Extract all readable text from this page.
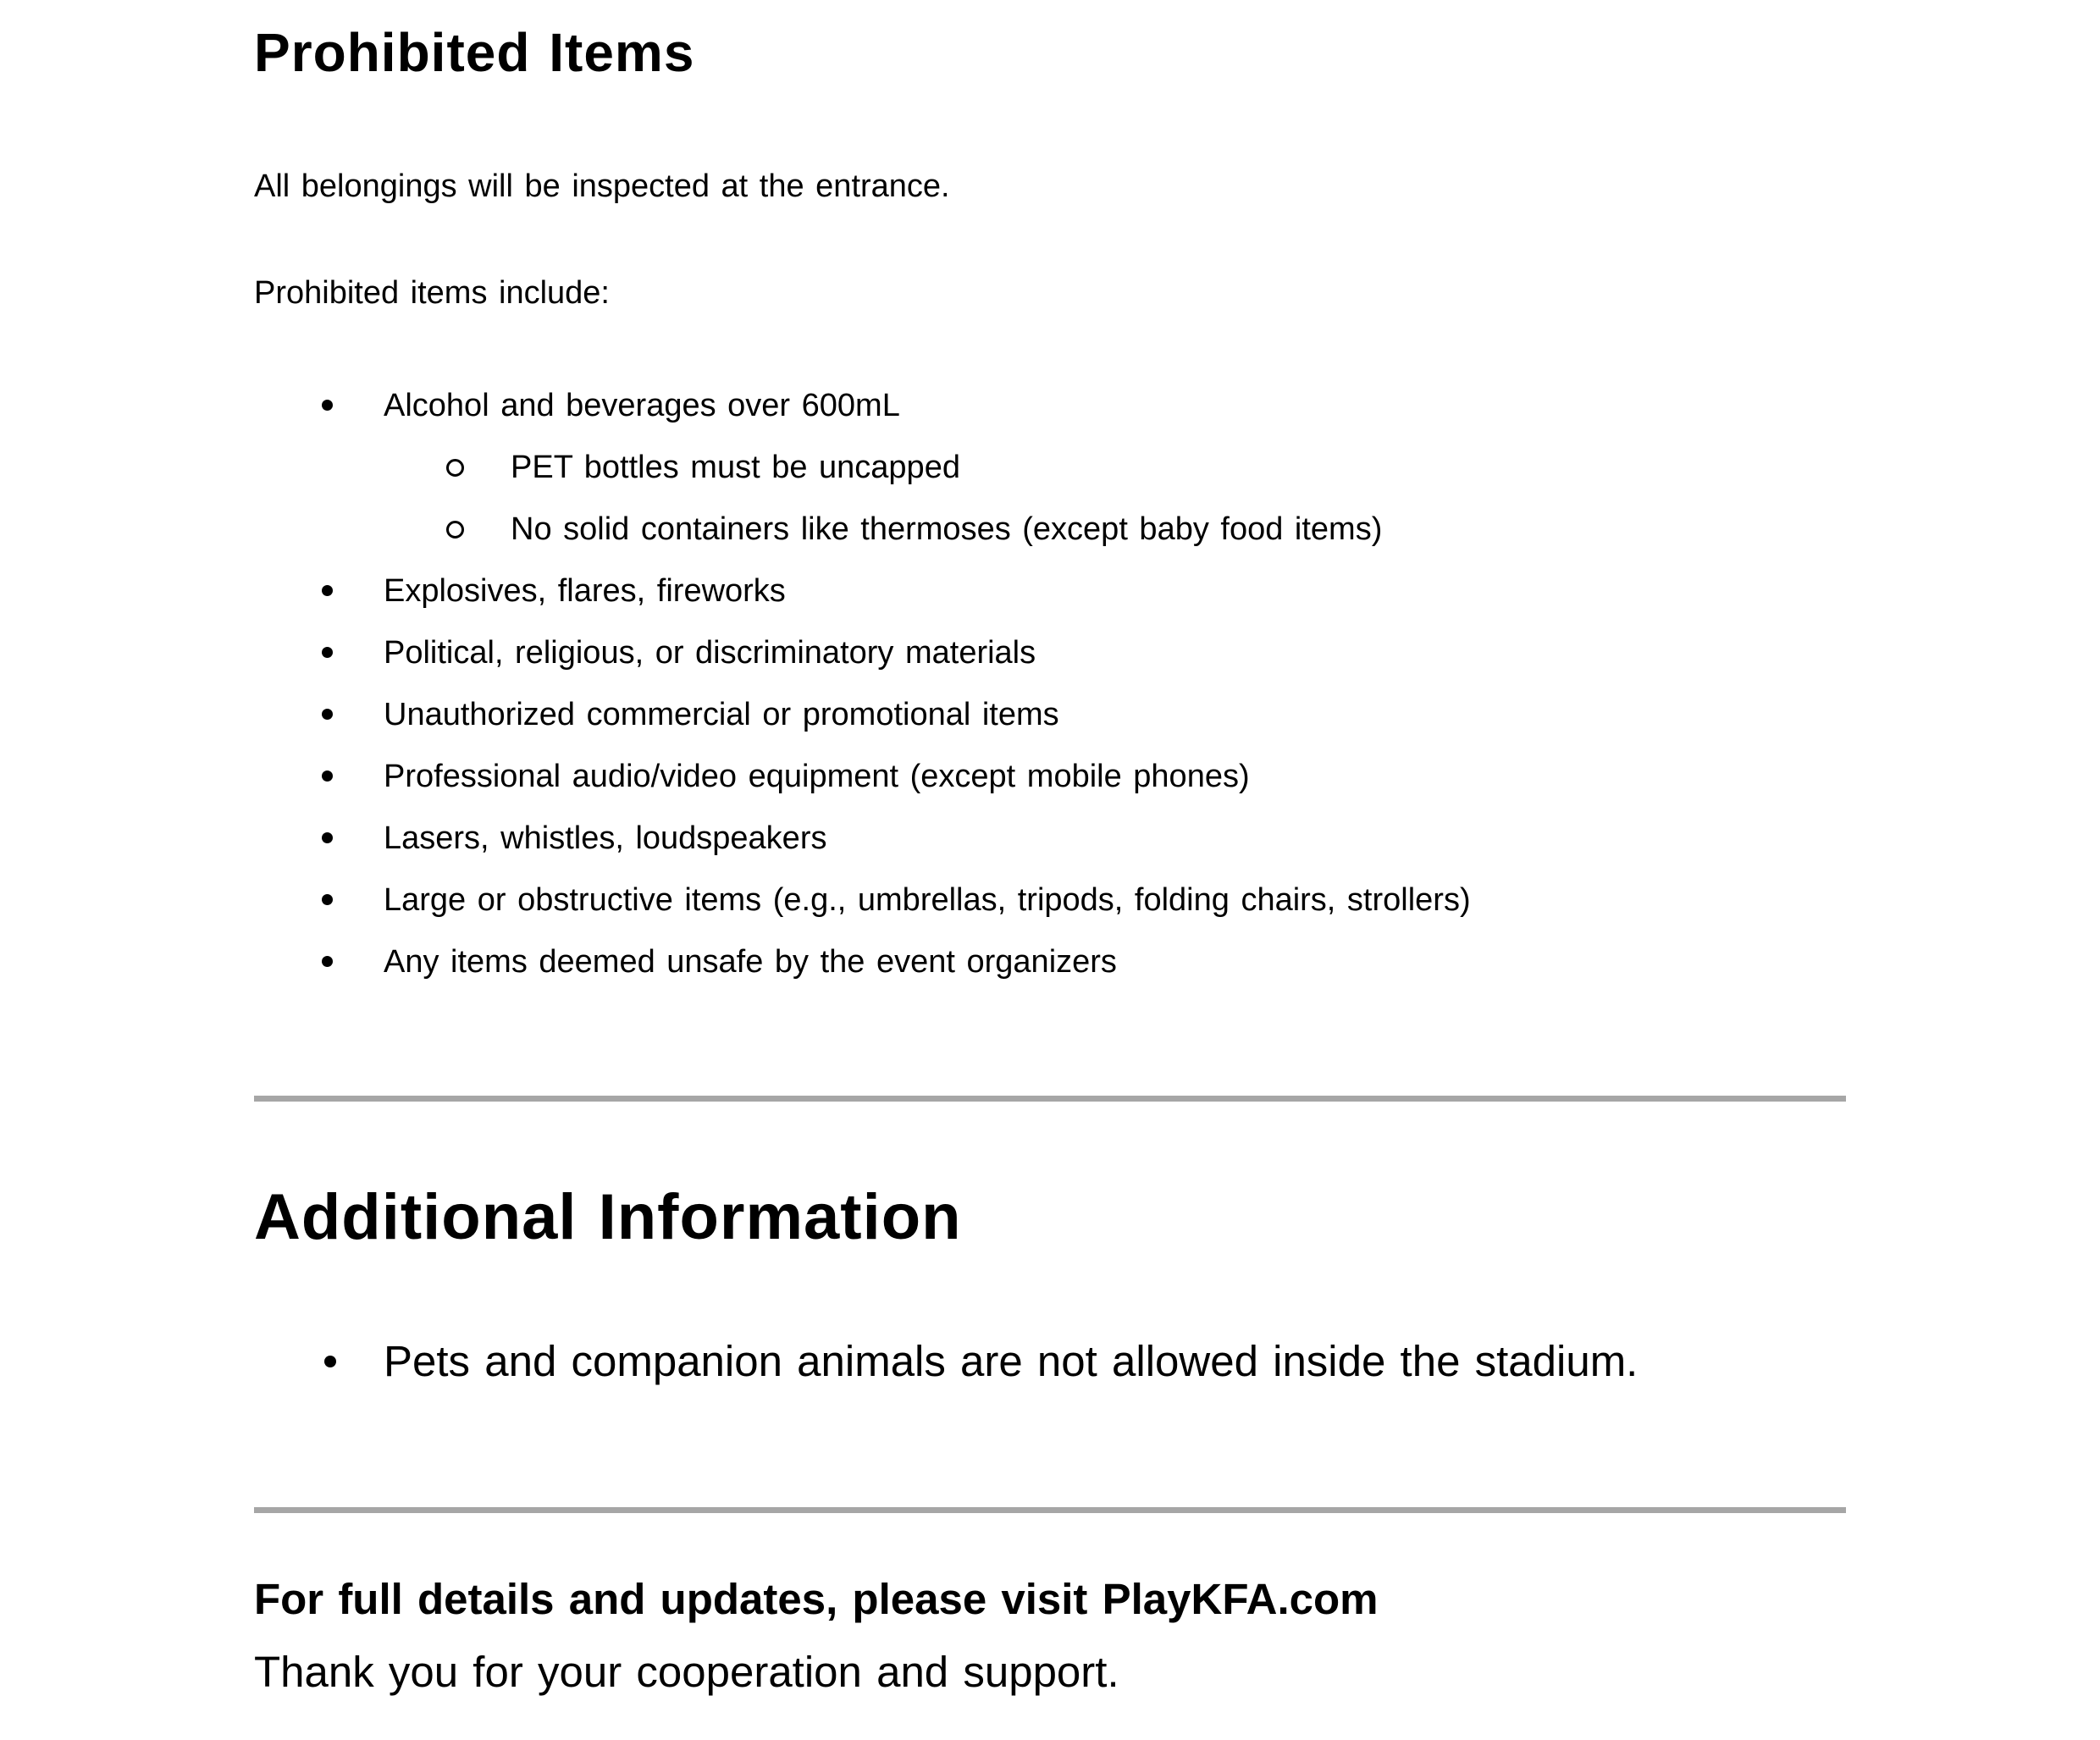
Prohibited Items
All belongings will be inspected at the entrance.
Prohibited items include:
Alcohol and beverages over 600mL
PET bottles must be uncapped
No solid containers like thermoses (except baby food items)
Explosives, flares, fireworks
Political, religious, or discriminatory materials
Unauthorized commercial or promotional items
Professional audio/video equipment (except mobile phones)
Lasers, whistles, loudspeakers
Large or obstructive items (e.g., umbrellas, tripods, folding chairs, strollers)
Any items deemed unsafe by the event organizers
Additional Information
Pets and companion animals are not allowed inside the stadium.
For full details and updates, please visit PlayKFA.com
Thank you for your cooperation and support.
